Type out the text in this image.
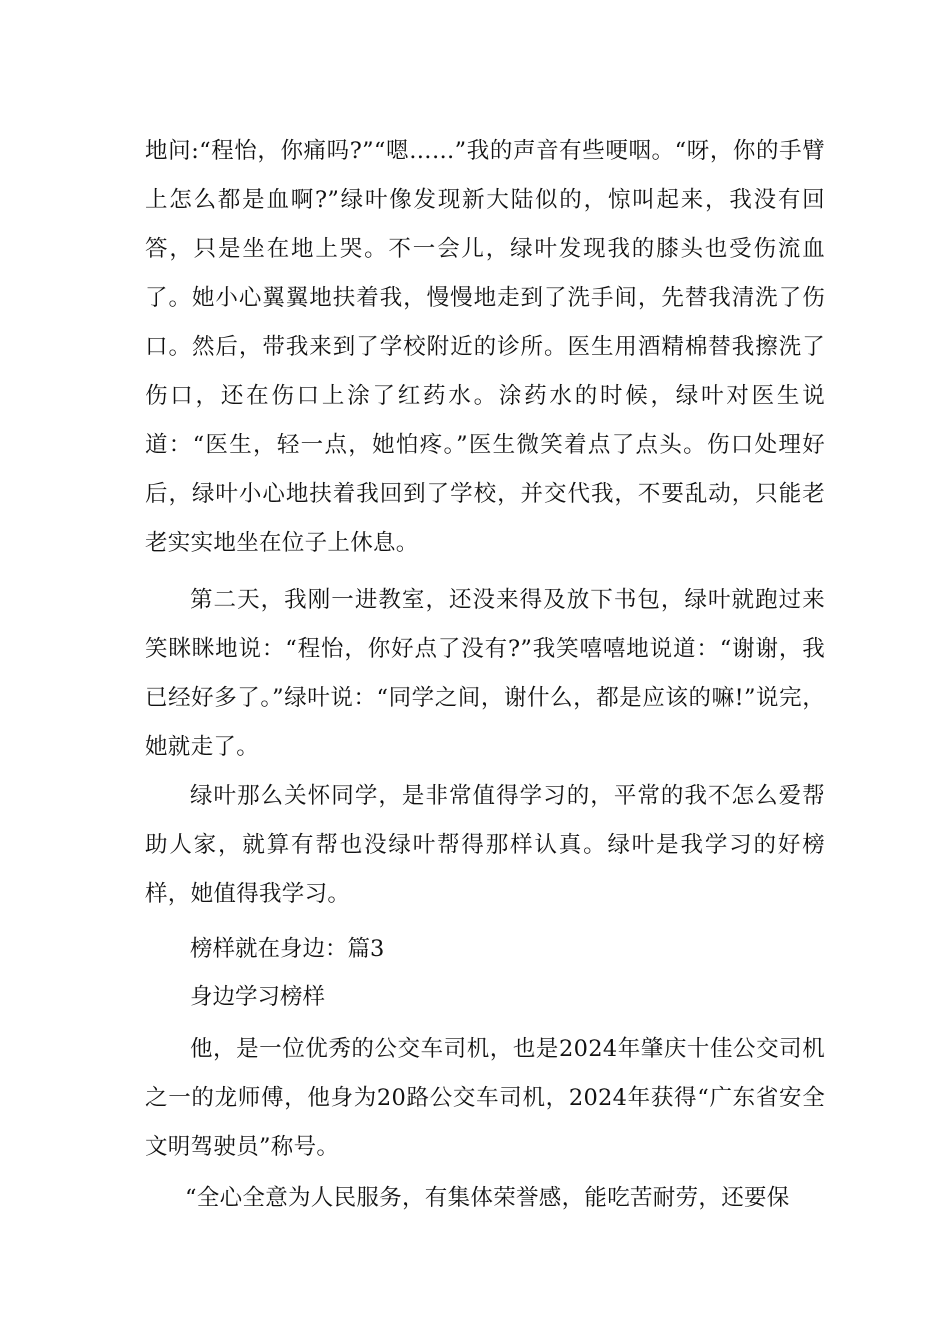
地问:“程怡，你痛吗?”“嗯……”我的声音有些哽咽。“呀，你的手臂上怎么都是血啊?”绿叶像发现新大陆似的，惊叫起来，我没有回答，只是坐在地上哭。不一会儿，绿叶发现我的膝头也受伤流血了。她小心翼翼地扶着我，慢慢地走到了洗手间，先替我清洗了伤口。然后，带我来到了学校附近的诊所。医生用酒精棉替我擦洗了伤口，还在伤口上涂了红药水。涂药水的时候，绿叶对医生说道：“医生，轻一点，她怕疼。”医生微笑着点了点头。伤口处理好后，绿叶小心地扶着我回到了学校，并交代我，不要乱动，只能老老实实地坐在位子上休息。

第二天，我刚一进教室，还没来得及放下书包，绿叶就跑过来笑眯眯地说：“程怡，你好点了没有?”我笑嘻嘻地说道：“谢谢，我已经好多了。”绿叶说：“同学之间，谢什么，都是应该的嘛!”说完，她就走了。

绿叶那么关怀同学，是非常值得学习的，平常的我不怎么爱帮助人家，就算有帮也没绿叶帮得那样认真。绿叶是我学习的好榜样，她值得我学习。

榜样就在身边：篇3

身边学习榜样

他，是一位优秀的公交车司机，也是2024年肇庆十佳公交司机之一的龙师傅，他身为20路公交车司机，2024年获得“广东省安全文明驾驶员”称号。

“全心全意为人民服务，有集体荣誉感，能吃苦耐劳，还要保
